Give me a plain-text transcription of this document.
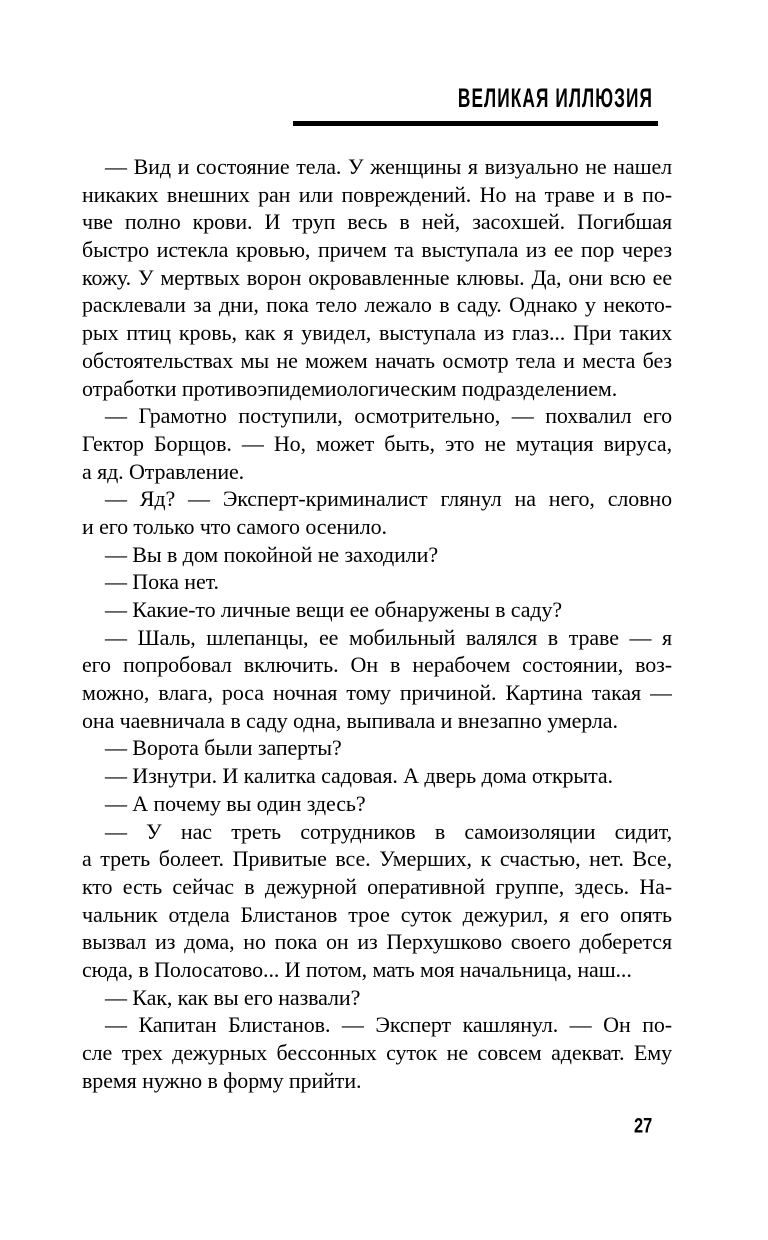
ВЕЛИКАЯ ИЛЛЮЗИЯ
— Вид и состояние тела. У женщины я визуально не нашел
никаких внешних ран или повреждений. Но на траве и в по-
чве полно крови. И труп весь в ней, засохшей. Погибшая
быстро истекла кровью, причем та выступала из ее пор через
кожу. У мертвых ворон окровавленные клювы. Да, они всю ее
расклевали за дни, пока тело лежало в саду. Однако у некото-
рых птиц кровь, как я увидел, выступала из глаз... При таких
обстоятельствах мы не можем начать осмотр тела и места без
отработки противоэпидемиологическим подразделением.
— Грамотно поступили, осмотрительно, — похвалил его
Гектор Борщов. — Но, может быть, это не мутация вируса,
а яд. Отравление.
— Яд? — Эксперт-криминалист глянул на него, словно
и его только что самого осенило.
— Вы в дом покойной не заходили?
— Пока нет.
— Какие-то личные вещи ее обнаружены в саду?
— Шаль, шлепанцы, ее мобильный валялся в траве — я
его попробовал включить. Он в нерабочем состоянии, воз-
можно, влага, роса ночная тому причиной. Картина такая —
она чаевничала в саду одна, выпивала и внезапно умерла.
— Ворота были заперты?
— Изнутри. И калитка садовая. А дверь дома открыта.
— А почему вы один здесь?
— У нас треть сотрудников в самоизоляции сидит,
а треть болеет. Привитые все. Умерших, к счастью, нет. Все,
кто есть сейчас в дежурной оперативной группе, здесь. На-
чальник отдела Блистанов трое суток дежурил, я его опять
вызвал из дома, но пока он из Перхушково своего доберется
сюда, в Полосатово... И потом, мать моя начальница, наш...
— Как, как вы его назвали?
— Капитан Блистанов. — Эксперт кашлянул. — Он по-
сле трех дежурных бессонных суток не совсем адекват. Ему
время нужно в форму прийти.
27
